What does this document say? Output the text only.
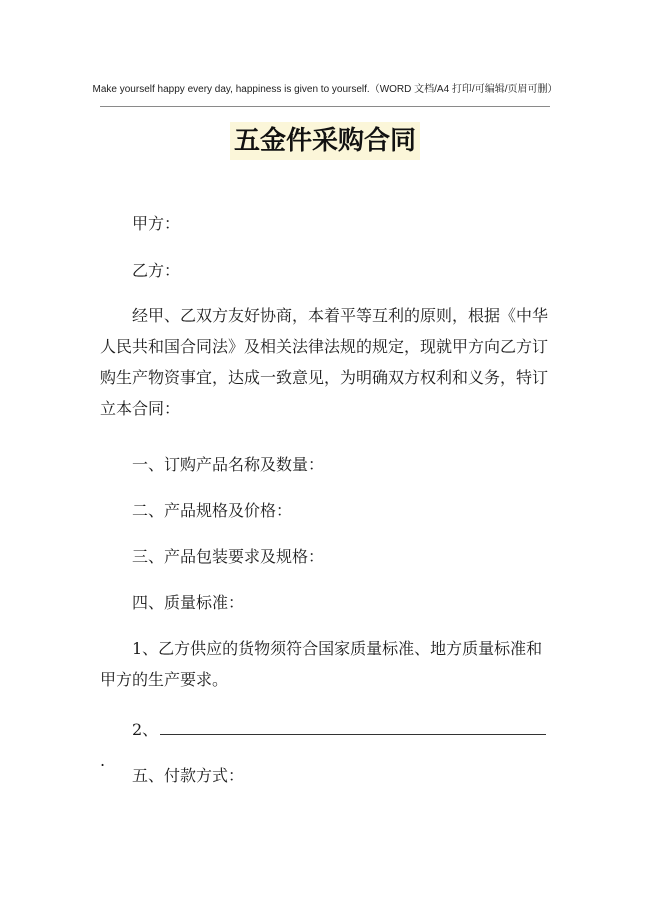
Make yourself happy every day, happiness is given to yourself.（WORD 文档/A4 打印/可编辑/页眉可删）
五金件采购合同

甲方：

乙方：

经甲、乙双方友好协商，本着平等互利的原则，根据《中华人民共和国合同法》及相关法律法规的规定，现就甲方向乙方订购生产物资事宜，达成一致意见，为明确双方权利和义务，特订立本合同：

一、订购产品名称及数量：

二、产品规格及价格：

三、产品包装要求及规格：

四、质量标准：

1、乙方供应的货物须符合国家质量标准、地方质量标准和甲方的生产要求。

2、.

五、付款方式：
